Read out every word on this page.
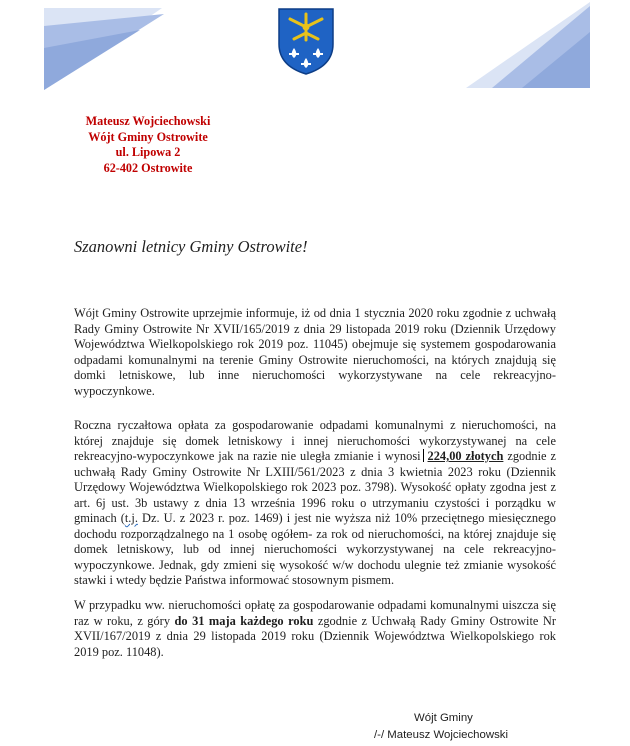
Mateusz Wojciechowski
Wójt Gminy Ostrowite
ul. Lipowa 2
62-402 Ostrowite
Szanowni letnicy Gminy Ostrowite!
Wójt Gminy Ostrowite uprzejmie informuje, iż od dnia 1 stycznia 2020 roku zgodnie z uchwałą Rady Gminy Ostrowite Nr XVII/165/2019 z dnia 29 listopada 2019 roku (Dziennik Urzędowy Województwa Wielkopolskiego rok 2019 poz. 11045) obejmuje się systemem gospodarowania odpadami komunalnymi na terenie Gminy Ostrowite nieruchomości, na których znajdują się domki letniskowe, lub inne nieruchomości wykorzystywane na cele rekreacyjno-wypoczynkowe.
Roczna ryczałtowa opłata za gospodarowanie odpadami komunalnymi z nieruchomości, na której znajduje się domek letniskowy i innej nieruchomości wykorzystywanej na cele rekreacyjno-wypoczynkowe jak na razie nie uległa zmianie i wynosi 224,00 złotych zgodnie z uchwałą Rady Gminy Ostrowite Nr LXIII/561/2023 z dnia 3 kwietnia 2023 roku (Dziennik Urzędowy Województwa Wielkopolskiego rok 2023 poz. 3798). Wysokość opłaty zgodna jest z art. 6j ust. 3b ustawy z dnia 13 września 1996 roku o utrzymaniu czystości i porządku w gminach (t.j. Dz. U. z 2023 r. poz. 1469) i jest nie wyższa niż 10% przeciętnego miesięcznego dochodu rozporządzalnego na 1 osobę ogółem- za rok od nieruchomości, na której znajduje się domek letniskowy, lub od innej nieruchomości wykorzystywanej na cele rekreacyjno-wypoczynkowe. Jednak, gdy zmieni się wysokość w/w dochodu ulegnie też zmianie wysokość stawki i wtedy będzie Państwa informować stosownym pismem.
W przypadku ww. nieruchomości opłatę za gospodarowanie odpadami komunalnymi uiszcza się raz w roku, z góry do 31 maja każdego roku zgodnie z Uchwałą Rady Gminy Ostrowite Nr XVII/167/2019 z dnia 29 listopada 2019 roku (Dziennik Województwa Wielkopolskiego rok 2019 poz. 11048).
Wójt Gminy
/-/ Mateusz Wojciechowski
